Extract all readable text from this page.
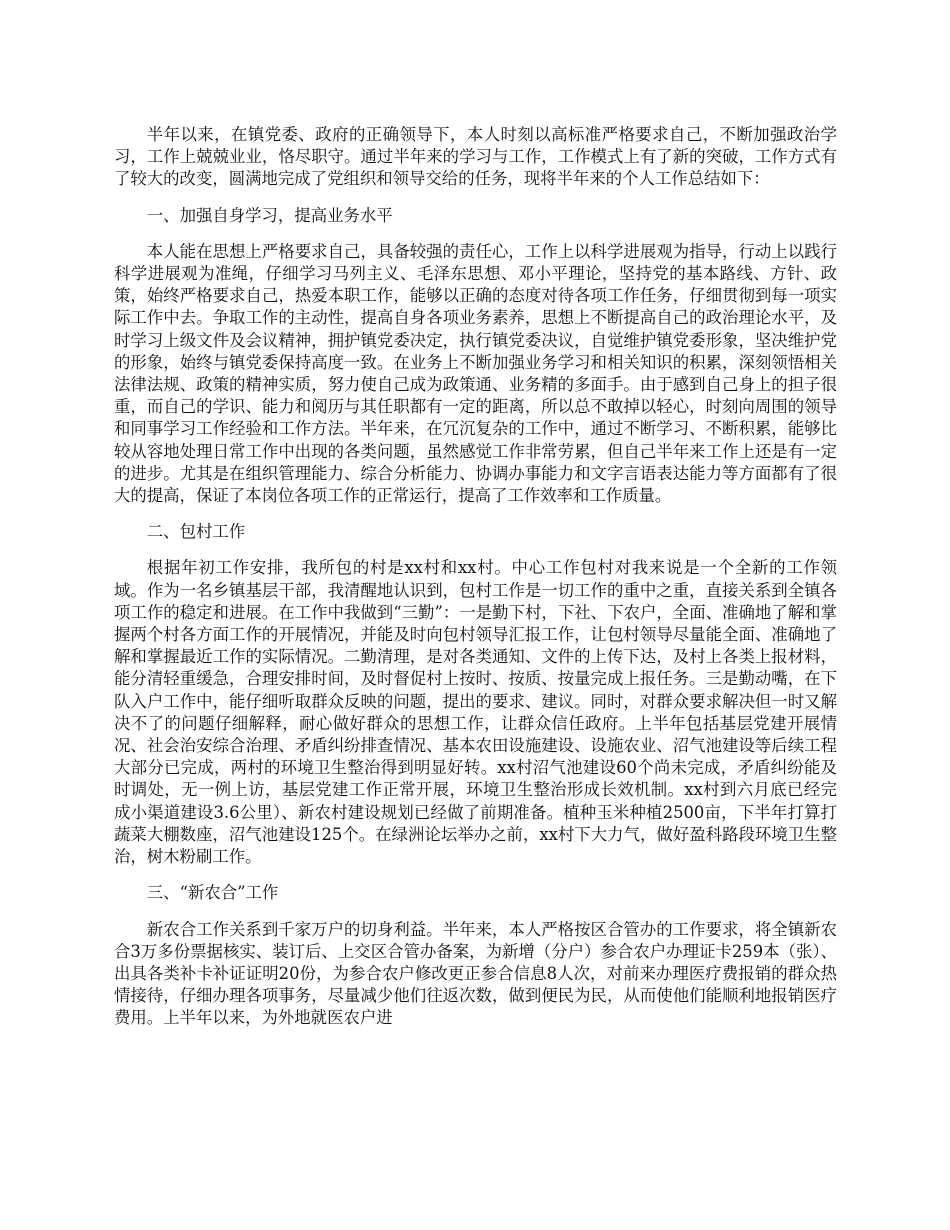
半年以来，在镇党委、政府的正确领导下，本人时刻以高标准严格要求自己，不断加强政治学习，工作上兢兢业业，恪尽职守。通过半年来的学习与工作，工作模式上有了新的突破，工作方式有了较大的改变，圆满地完成了党组织和领导交给的任务，现将半年来的个人工作总结如下：

一、加强自身学习，提高业务水平

本人能在思想上严格要求自己，具备较强的责任心，工作上以科学进展观为指导，行动上以践行科学进展观为准绳，仔细学习马列主义、毛泽东思想、邓小平理论，坚持党的基本路线、方针、政策，始终严格要求自己，热爱本职工作，能够以正确的态度对待各项工作任务，仔细贯彻到每一项实际工作中去。争取工作的主动性，提高自身各项业务素养，思想上不断提高自己的政治理论水平，及时学习上级文件及会议精神，拥护镇党委决定，执行镇党委决议，自觉维护镇党委形象，坚决维护党的形象，始终与镇党委保持高度一致。在业务上不断加强业务学习和相关知识的积累，深刻领悟相关法律法规、政策的精神实质，努力使自己成为政策通、业务精的多面手。由于感到自己身上的担子很重，而自己的学识、能力和阅历与其任职都有一定的距离，所以总不敢掉以轻心，时刻向周围的领导和同事学习工作经验和工作方法。半年来，在冗沉复杂的工作中，通过不断学习、不断积累，能够比较从容地处理日常工作中出现的各类问题，虽然感觉工作非常劳累，但自己半年来工作上还是有一定的进步。尤其是在组织管理能力、综合分析能力、协调办事能力和文字言语表达能力等方面都有了很大的提高，保证了本岗位各项工作的正常运行，提高了工作效率和工作质量。

二、包村工作

根据年初工作安排，我所包的村是xx村和xx村。中心工作包村对我来说是一个全新的工作领域。作为一名乡镇基层干部，我清醒地认识到，包村工作是一切工作的重中之重，直接关系到全镇各项工作的稳定和进展。在工作中我做到“三勤”：一是勤下村，下社、下农户，全面、准确地了解和掌握两个村各方面工作的开展情况，并能及时向包村领导汇报工作，让包村领导尽量能全面、准确地了解和掌握最近工作的实际情况。二勤清理，是对各类通知、文件的上传下达，及村上各类上报材料，能分清轻重缓急，合理安排时间，及时督促村上按时、按质、按量完成上报任务。三是勤动嘴，在下队入户工作中，能仔细听取群众反映的问题，提出的要求、建议。同时，对群众要求解决但一时又解决不了的问题仔细解释，耐心做好群众的思想工作，让群众信任政府。上半年包括基层党建开展情况、社会治安综合治理、矛盾纠纷排查情况、基本农田设施建设、设施农业、沼气池建设等后续工程大部分已完成，两村的环境卫生整治得到明显好转。xx村沼气池建设60个尚未完成，矛盾纠纷能及时调处，无一例上访，基层党建工作正常开展，环境卫生整治形成长效机制。xx村到六月底已经完成小渠道建设3.6公里）、新农村建设规划已经做了前期准备。植种玉米种植2500亩，下半年打算打蔬菜大棚数座，沼气池建设125个。在绿洲论坛举办之前，xx村下大力气，做好盈科路段环境卫生整治，树木粉刷工作。

三、“新农合”工作

新农合工作关系到千家万户的切身利益。半年来，本人严格按区合管办的工作要求，将全镇新农合3万多份票据核实、装订后、上交区合管办备案，为新增（分户）参合农户办理证卡259本（张）、出具各类补卡补证证明20份，为参合农户修改更正参合信息8人次，对前来办理医疗费报销的群众热情接待，仔细办理各项事务，尽量减少他们往返次数，做到便民为民，从而使他们能顺利地报销医疗费用。上半年以来，为外地就医农户进
